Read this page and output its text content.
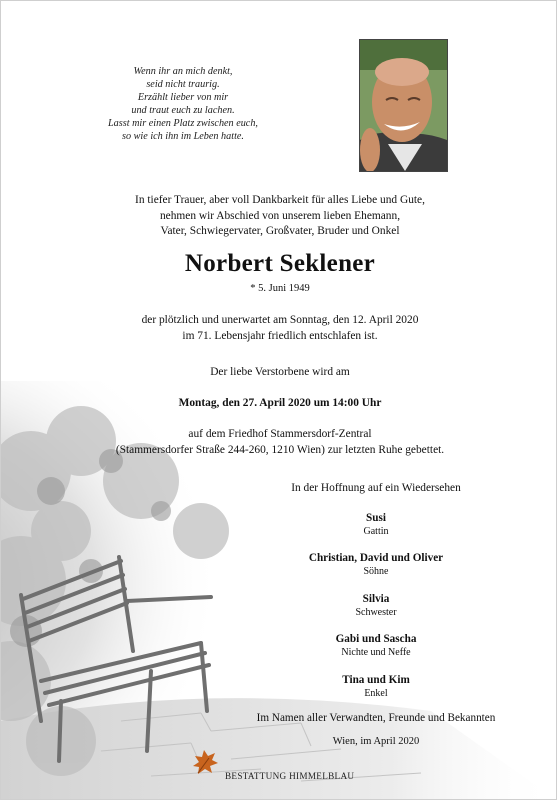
Wenn ihr an mich denkt,
seid nicht traurig.
Erzählt lieber von mir
und traut euch zu lachen.
Lasst mir einen Platz zwischen euch,
so wie ich ihn im Leben hatte.
In tiefer Trauer, aber voll Dankbarkeit für alles Liebe und Gute,
nehmen wir Abschied von unserem lieben Ehemann,
Vater, Schwiegervater, Großvater, Bruder und Onkel
Norbert Seklener
* 5. Juni 1949
der plötzlich und unerwartet am Sonntag, den 12. April 2020
im 71. Lebensjahr friedlich entschlafen ist.
Der liebe Verstorbene wird am
Montag, den 27. April 2020 um 14:00 Uhr
auf dem Friedhof Stammersdorf-Zentral
(Stammersdorfer Straße 244-260, 1210 Wien) zur letzten Ruhe gebettet.
In der Hoffnung auf ein Wiedersehen
Susi
Gattin
Christian, David und Oliver
Söhne
Silvia
Schwester
Gabi und Sascha
Nichte und Neffe
Tina und Kim
Enkel
Im Namen aller Verwandten, Freunde und Bekannten
Wien, im April 2020
BESTATTUNG HIMMELBLAU
